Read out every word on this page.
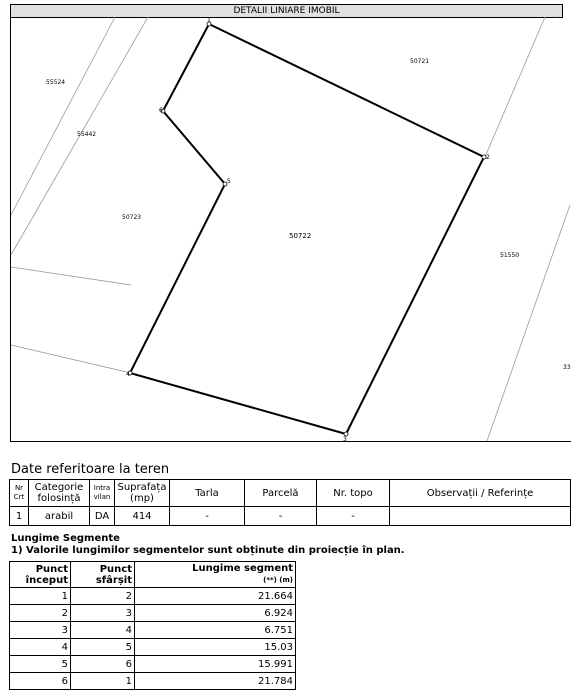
DETALII LINIARE IMOBIL
1
2
3
4
5
6
55524
55442
50721
50723
50722
51550
33
Date referitoare la teren
Nr Crt	Categorie folosință	Intra vilan	Suprafața (mp)	Tarla	Parcelă	Nr. topo	Observații / Referințe
1	arabil	DA	414	-	-	-	
Lungime Segmente
1) Valorile lungimilor segmentelor sunt obținute din proiecție în plan.
Punct început	Punct sfârșit	Lungime segment
(**) (m)
1	2	21.664
2	3	6.924
3	4	6.751
4	5	15.03
5	6	15.991
6	1	21.784
